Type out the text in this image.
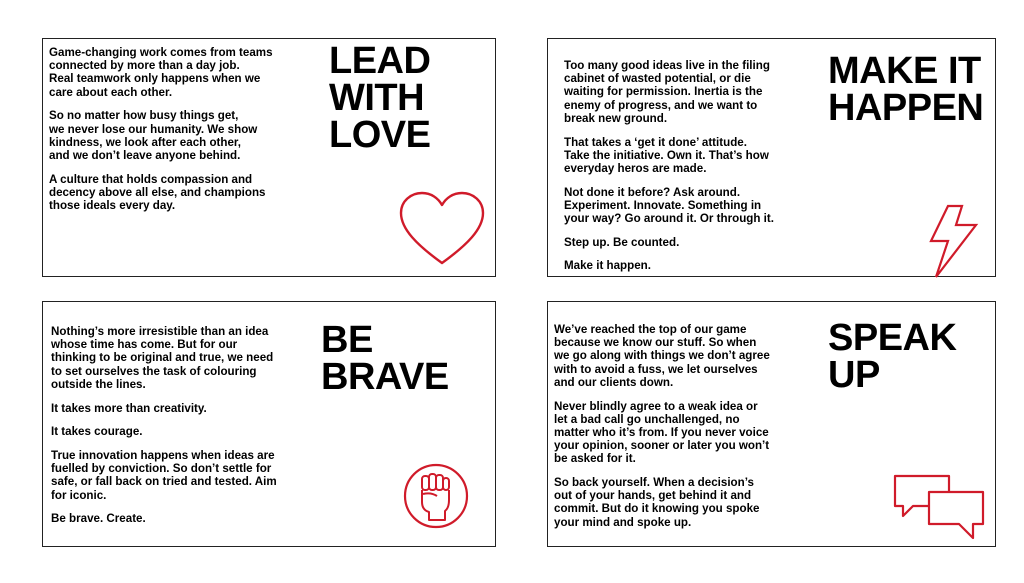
Game-changing work comes from teams
connected by more than a day job.
Real teamwork only happens when we
care about each other.

So no matter how busy things get,
we never lose our humanity. We show
kindness, we look after each other,
and we don’t leave anyone behind.

A culture that holds compassion and
decency above all else, and champions
those ideals every day.

LEAD
WITH
LOVE

Too many good ideas live in the filing
cabinet of wasted potential, or die
waiting for permission. Inertia is the
enemy of progress, and we want to
break new ground.

That takes a ‘get it done’ attitude.
Take the initiative. Own it. That’s how
everyday heros are made.

Not done it before? Ask around.
Experiment. Innovate. Something in
your way? Go around it. Or through it.

Step up. Be counted.

Make it happen.

MAKE IT
HAPPEN

Nothing’s more irresistible than an idea
whose time has come. But for our
thinking to be original and true, we need
to set ourselves the task of colouring
outside the lines.

It takes more than creativity.

It takes courage.

True innovation happens when ideas are
fuelled by conviction. So don’t settle for
safe, or fall back on tried and tested. Aim
for iconic.

Be brave. Create.

BE
BRAVE

We’ve reached the top of our game
because we know our stuff. So when
we go along with things we don’t agree
with to avoid a fuss, we let ourselves
and our clients down.

Never blindly agree to a weak idea or
let a bad call go unchallenged, no
matter who it’s from. If you never voice
your opinion, sooner or later you won’t
be asked for it.

So back yourself. When a decision’s
out of your hands, get behind it and
commit. But do it knowing you spoke
your mind and spoke up.

SPEAK
UP
